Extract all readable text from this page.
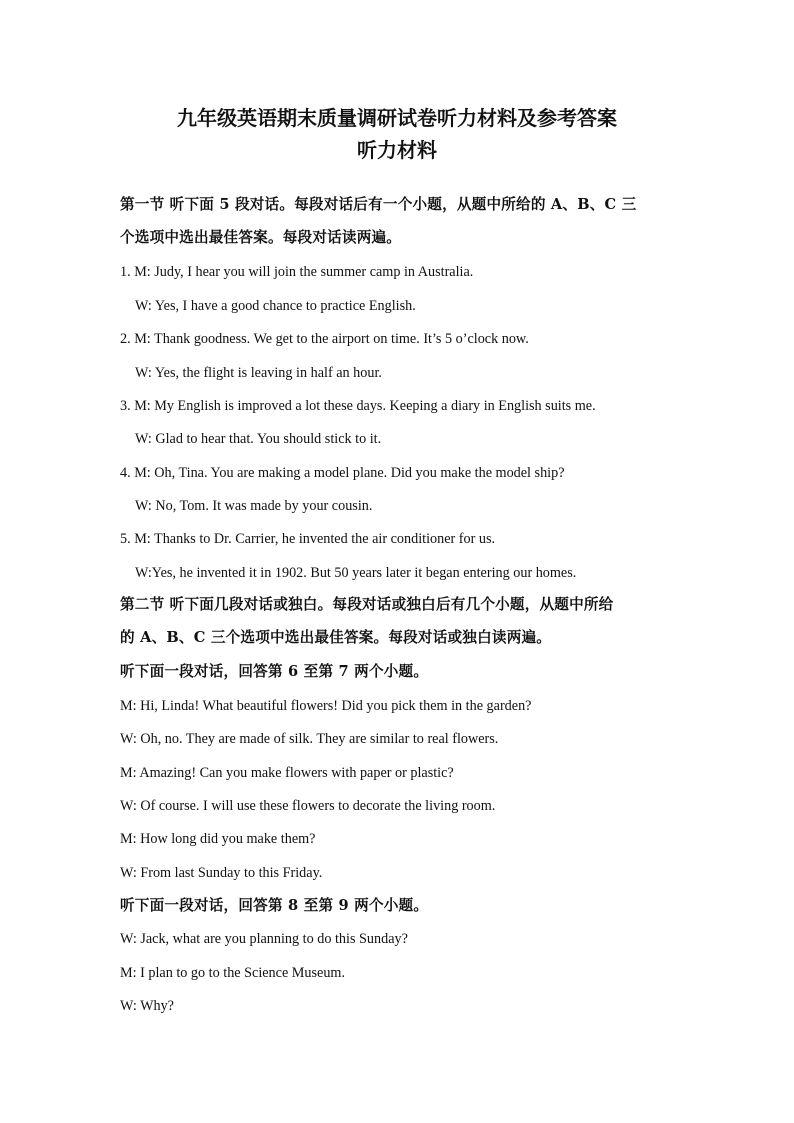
九年级英语期末质量调研试卷听力材料及参考答案
听力材料
第一节 听下面 5 段对话。每段对话后有一个小题，从题中所给的 A、B、C 三
个选项中选出最佳答案。每段对话读两遍。
1. M: Judy, I hear you will join the summer camp in Australia.
W: Yes, I have a good chance to practice English.
2. M: Thank goodness. We get to the airport on time. It’s 5 o’clock now.
W: Yes, the flight is leaving in half an hour.
3. M: My English is improved a lot these days. Keeping a diary in English suits me.
W: Glad to hear that. You should stick to it.
4. M: Oh, Tina. You are making a model plane. Did you make the model ship?
W: No, Tom. It was made by your cousin.
5. M: Thanks to Dr. Carrier, he invented the air conditioner for us.
W:Yes, he invented it in 1902. But 50 years later it began entering our homes.
第二节 听下面几段对话或独白。每段对话或独白后有几个小题，从题中所给
的 A、B、C 三个选项中选出最佳答案。每段对话或独白读两遍。
听下面一段对话，回答第 6 至第 7 两个小题。
M: Hi, Linda! What beautiful flowers! Did you pick them in the garden?
W: Oh, no. They are made of silk. They are similar to real flowers.
M: Amazing! Can you make flowers with paper or plastic?
W: Of course. I will use these flowers to decorate the living room.
M: How long did you make them?
W: From last Sunday to this Friday.
听下面一段对话，回答第 8 至第 9 两个小题。
W: Jack, what are you planning to do this Sunday?
M: I plan to go to the Science Museum.
W: Why?
